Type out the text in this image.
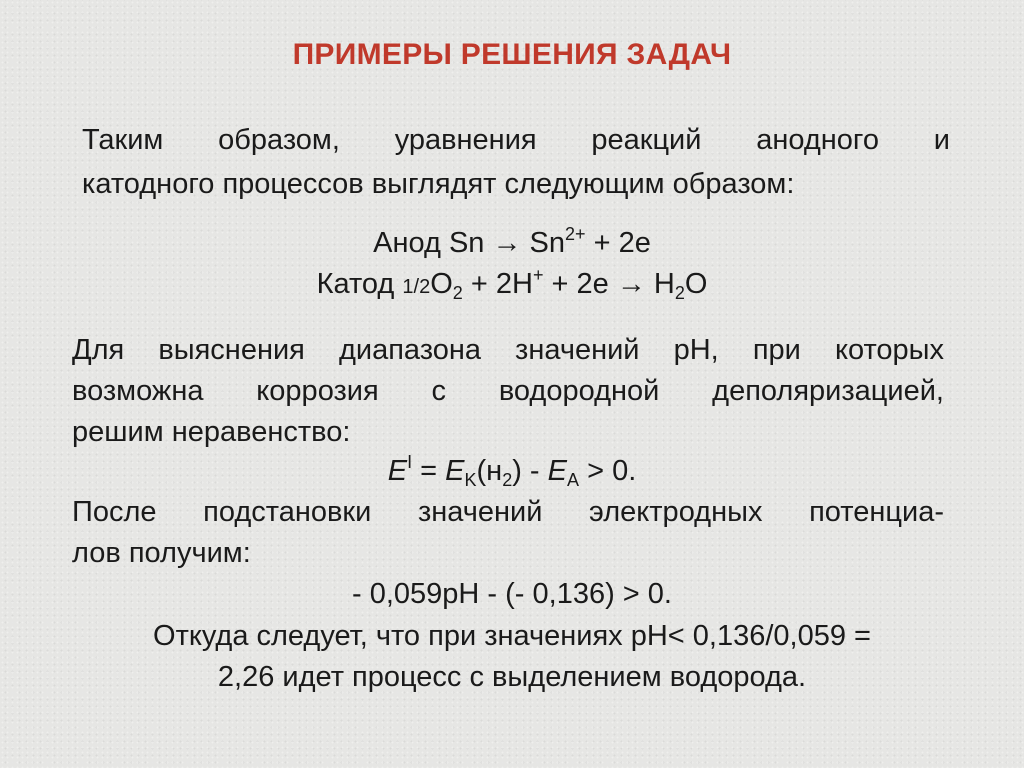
ПРИМЕРЫ РЕШЕНИЯ ЗАДАЧ
Таким образом, уравнения реакций анодного и
катодного процессов выглядят следующим образом:
Анод $Sn \to Sn^{2+} + 2е$
Катод $1/2O_2 + 2H^+ + 2е \to H_2O$
Для выяснения диапазона значений рН, при которых
возможна коррозия с водородной деполяризацией,
решим неравенство:
$E^I = E_K(н_2) - E_A > 0$.
После подстановки значений электродных потенциа-
лов получим:
- 0,059рН - (- 0,136) > 0.
Откуда следует, что при значениях рН< 0,136/0,059 =
2,26 идет процесс с выделением водорода.
